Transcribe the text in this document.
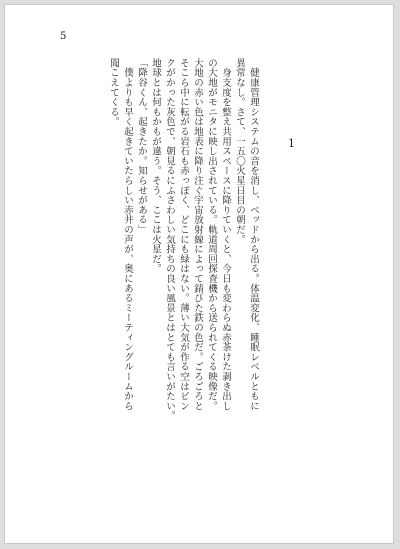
5
1

　健康管理システムの音を消し、ベッドから出る。体温変化、睡眠レベルともに

異常なし。さて、一五〇火星日目の朝だ。

　身支度を整え共用スペースに降りていくと、今日も変わらぬ赤茶けた剥き出し

の大地がモニタに映し出されている。軌道周回探査機から送られてくる映像だ。

大地の赤い色は地表に降り注ぐ宇宙放射線によって錆びた鉄の色だ。ごろごろと

そこら中に転がる岩石も赤っぽく、どこにも緑はない。薄い大気が作る空はピン

クがかった灰色で、朝見るにふさわしい気持ちの良い風景とはとても言いがたい。

地球とは何もかもが違う。そう、ここは火星だ。

「降谷くん、起きたか。知らせがある」

　僕よりも早く起きていたらしい赤井の声が、奥にあるミーティングルームから

聞こえてくる。
